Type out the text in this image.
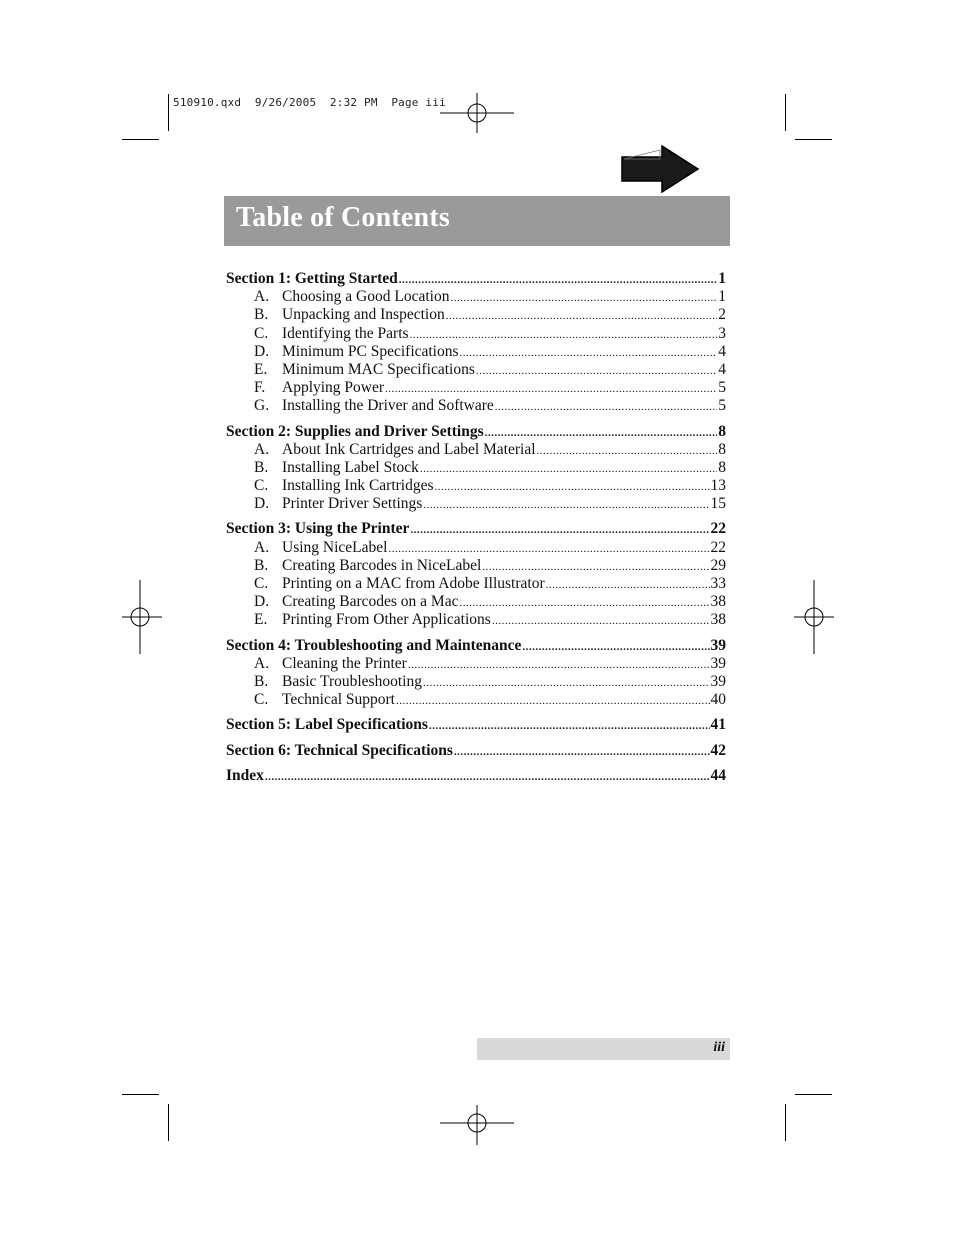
510910.qxd  9/26/2005  2:32 PM  Page iii
Table of Contents
Section 1: Getting Started .....	1
A. Choosing a Good Location .....	1
B. Unpacking and Inspection .....	2
C. Identifying the Parts .....	3
D. Minimum PC Specifications .....	4
E. Minimum MAC Specifications .....	4
F.	Applying Power .....	5
G. Installing the Driver and Software .....	5
Section 2: Supplies and Driver Settings .....	8
A. About Ink Cartridges and Label Material .....	8
B. Installing Label Stock .....	8
C. Installing Ink Cartridges .....	13
D. Printer Driver Settings .....	15
Section 3: Using the Printer .....	22
A. Using NiceLabel .....	22
B. Creating Barcodes in NiceLabel .....	29
C. Printing on a MAC from Adobe Illustrator .....	33
D. Creating Barcodes on a Mac .....	38
E. Printing From Other Applications .....	38
Section 4: Troubleshooting and Maintenance .....	39
A. Cleaning the Printer .....	39
B. Basic Troubleshooting .....	39
C. Technical Support .....	40
Section 5: Label Specifications .....	41
Section 6: Technical Specifications .....	42
Index .....	44
iii
